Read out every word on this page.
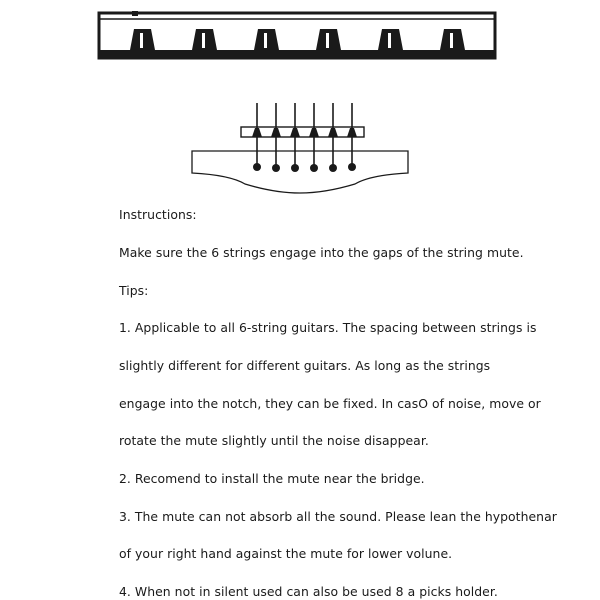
Instructions:
Make sure the 6 strings engage into the gaps of the string mute.
Tips:
1. Applicable to all 6-string guitars. The spacing between strings is
slightly different for different guitars. As long as the strings
engage into the notch, they can be fixed. In casO of noise, move or
rotate the mute slightly until the noise disappear.
2. Recomend to install the mute near the bridge.
3. The mute can not absorb all the sound. Please lean the hypothenar
of your right hand against the mute for lower volune.
4. When not in silent used can also be used 8 a picks holder.
